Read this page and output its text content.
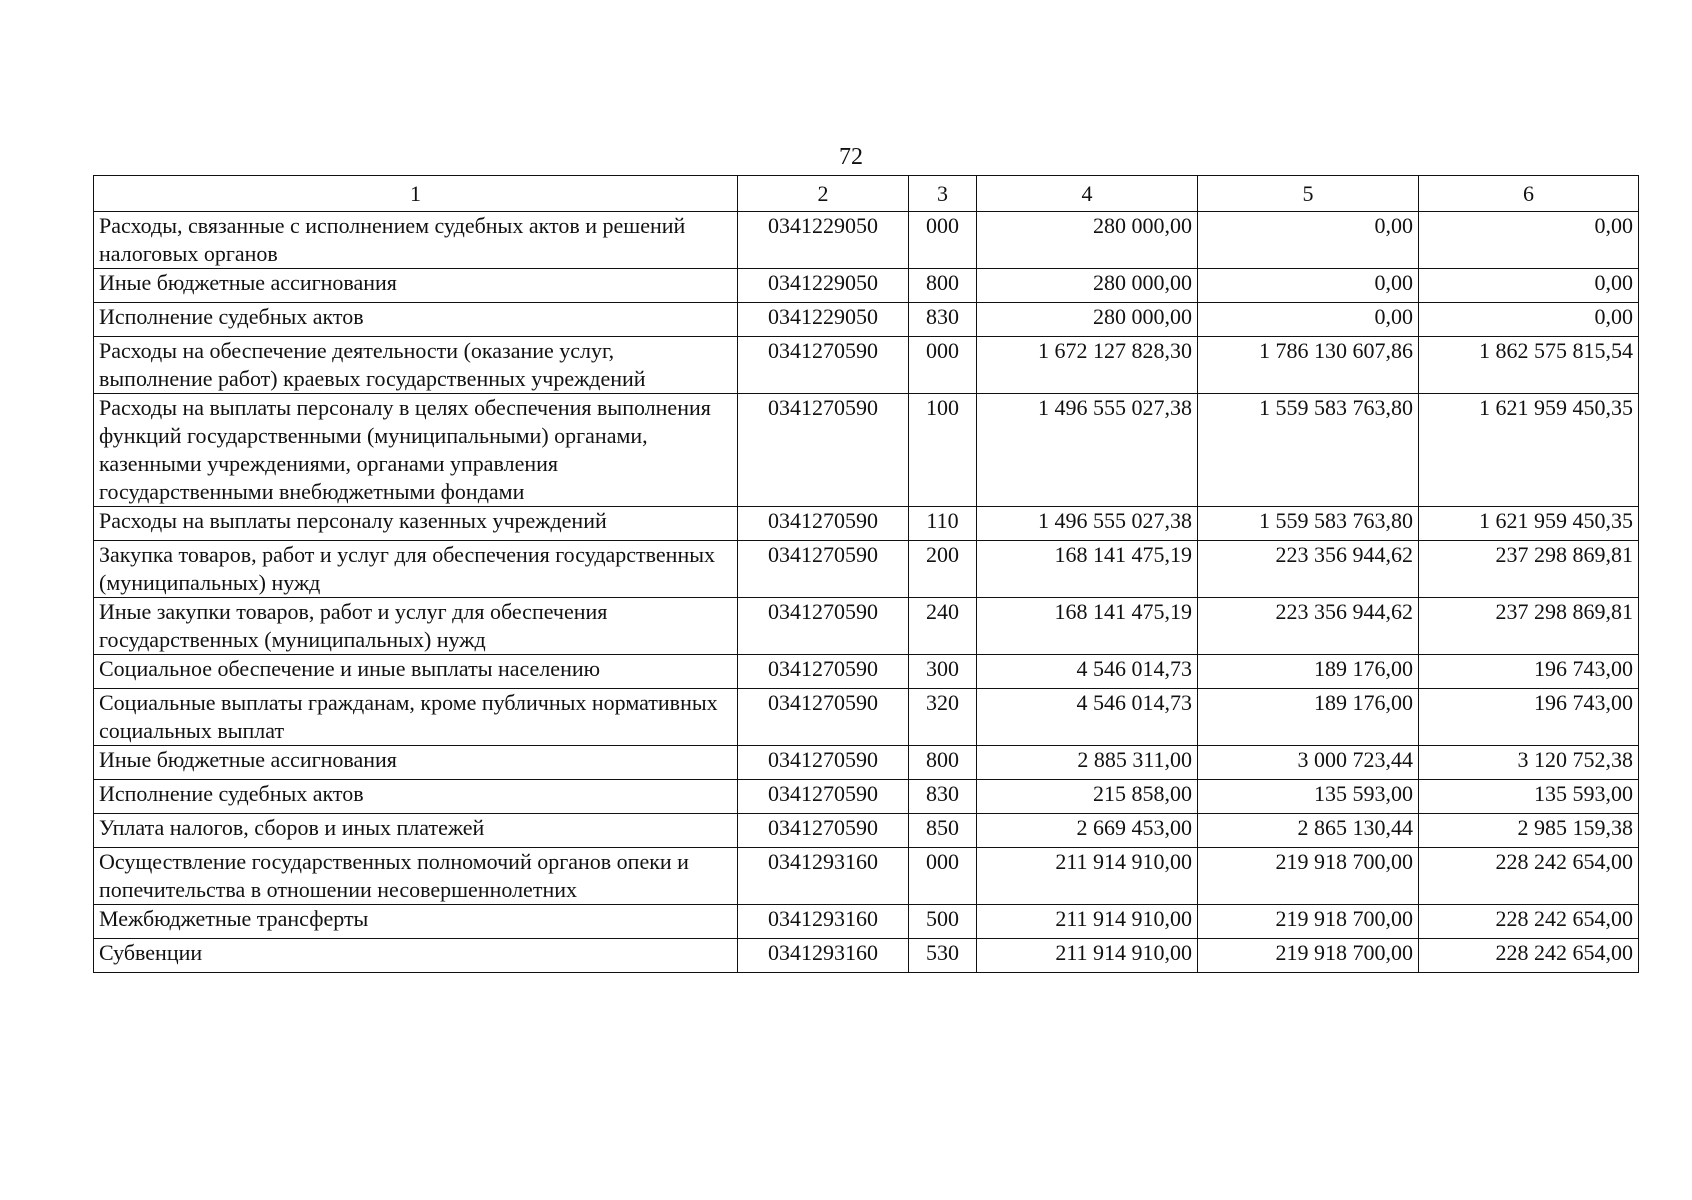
72
1	2	3	4	5	6
Расходы, связанные с исполнением судебных актов и решений налоговых органов	0341229050	000	280 000,00	0,00	0,00
Иные бюджетные ассигнования	0341229050	800	280 000,00	0,00	0,00
Исполнение судебных актов	0341229050	830	280 000,00	0,00	0,00
Расходы на обеспечение деятельности (оказание услуг, выполнение работ) краевых государственных учреждений	0341270590	000	1 672 127 828,30	1 786 130 607,86	1 862 575 815,54
Расходы на выплаты персоналу в целях обеспечения выполнения функций государственными (муниципальными) органами, казенными учреждениями, органами управления государственными внебюджетными фондами	0341270590	100	1 496 555 027,38	1 559 583 763,80	1 621 959 450,35
Расходы на выплаты персоналу казенных учреждений	0341270590	110	1 496 555 027,38	1 559 583 763,80	1 621 959 450,35
Закупка товаров, работ и услуг для обеспечения государственных (муниципальных) нужд	0341270590	200	168 141 475,19	223 356 944,62	237 298 869,81
Иные закупки товаров, работ и услуг для обеспечения государственных (муниципальных) нужд	0341270590	240	168 141 475,19	223 356 944,62	237 298 869,81
Социальное обеспечение и иные выплаты населению	0341270590	300	4 546 014,73	189 176,00	196 743,00
Социальные выплаты гражданам, кроме публичных нормативных социальных выплат	0341270590	320	4 546 014,73	189 176,00	196 743,00
Иные бюджетные ассигнования	0341270590	800	2 885 311,00	3 000 723,44	3 120 752,38
Исполнение судебных актов	0341270590	830	215 858,00	135 593,00	135 593,00
Уплата налогов, сборов и иных платежей	0341270590	850	2 669 453,00	2 865 130,44	2 985 159,38
Осуществление государственных полномочий органов опеки и попечительства в отношении несовершеннолетних	0341293160	000	211 914 910,00	219 918 700,00	228 242 654,00
Межбюджетные трансферты	0341293160	500	211 914 910,00	219 918 700,00	228 242 654,00
Субвенции	0341293160	530	211 914 910,00	219 918 700,00	228 242 654,00
